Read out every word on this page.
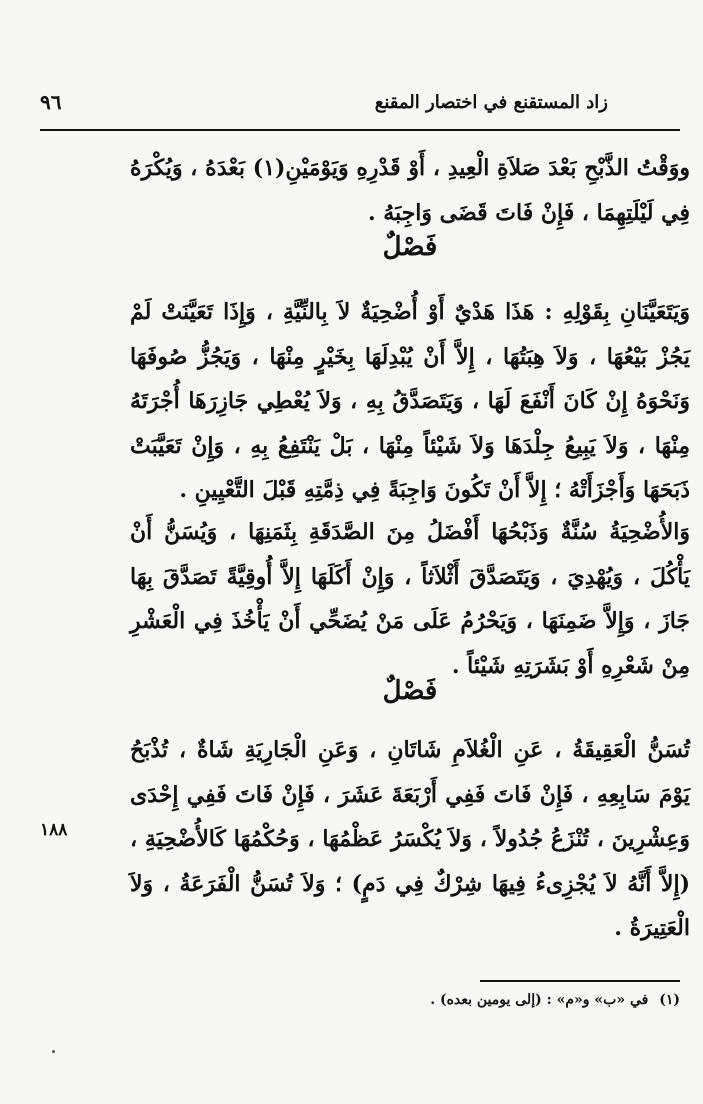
زاد المستقنع في اختصار المقنع
٩٦
ووَقْتُ الذَّبْحِ بَعْدَ صَلاَةِ الْعِيدِ ، أَوْ قَدْرِهِ وَيَوْمَيْنِ(١) بَعْدَهُ ، وَيُكْرَهُ فِي لَيْلَتِهِمَا ، فَإِنْ فَاتَ قَضَى وَاجِبَهُ .
فَصْلٌ
وَيَتَعَيَّنَانِ بِقَوْلِهِ : هَذَا هَدْيٌ أَوْ أُضْحِيَةٌ لاَ بِالنِّيَّةِ ، وَإِذَا تَعَيَّنَتْ لَمْ يَجُزْ بَيْعُهَا ، وَلاَ هِبَتُهَا ، إِلاَّ أَنْ يُبْدِلَهَا بِخَيْرٍ مِنْهَا ، وَيَجُزُّ صُوفَهَا وَنَحْوَهُ إِنْ كَانَ أَنْفَعَ لَهَا ، وَيَتَصَدَّقُ بِهِ ، وَلاَ يُعْطِي جَازِرَهَا أُجْرَتَهُ مِنْهَا ، وَلاَ يَبِيعُ جِلْدَهَا وَلاَ شَيْئاً مِنْهَا ، بَلْ يَنْتَفِعُ بِهِ ، وَإِنْ تَعَيَّبَتْ ذَبَحَهَا وَأَجْزَأَتْهُ ؛ إِلاَّ أَنْ تَكُونَ وَاجِبَةً فِي ذِمَّتِهِ قَبْلَ التَّعْيِينِ .
وَالأُضْحِيَةُ سُنَّةٌ وَذَبْحُهَا أَفْضَلُ مِنَ الصَّدَقَةِ بِثَمَنِهَا ، وَيُسَنُّ أَنْ يَأْكُلَ ، وَيُهْدِيَ ، وَيَتَصَدَّقَ أَثْلاَثاً ، وَإِنْ أَكَلَهَا إِلاَّ أُوقِيَّةً تَصَدَّقَ بِهَا جَازَ ، وَإِلاَّ ضَمِنَهَا ، وَيَحْرُمُ عَلَى مَنْ يُضَحِّي أَنْ يَأْخُذَ فِي الْعَشْرِ مِنْ شَعْرِهِ أَوْ بَشَرَتِهِ شَيْئاً .
فَصْلٌ
تُسَنُّ الْعَقِيقَةُ ، عَنِ الْغُلاَمِ شَاتَانِ ، وَعَنِ الْجَارِيَةِ شَاةٌ ، تُذْبَحُ يَوْمَ سَابِعِهِ ، فَإِنْ فَاتَ فَفِي أَرْبَعَةَ عَشَرَ ، فَإِنْ فَاتَ فَفِي إِحْدَى وَعِشْرِينَ ، تُنْزَعُ جُدُولاً ، وَلاَ يُكْسَرُ عَظْمُهَا ، وَحُكْمُهَا كَالأُضْحِيَةِ ، (إِلاَّ أَنَّهُ لاَ يُجْزِىءُ فِيهَا شِرْكٌ فِي دَمٍ) ؛ وَلاَ تُسَنُّ الْفَرَعَةُ ، وَلاَ الْعَتِيرَةُ .
١٨٨
(١) في «ب» و«م» : (إلى يومين بعده) .
